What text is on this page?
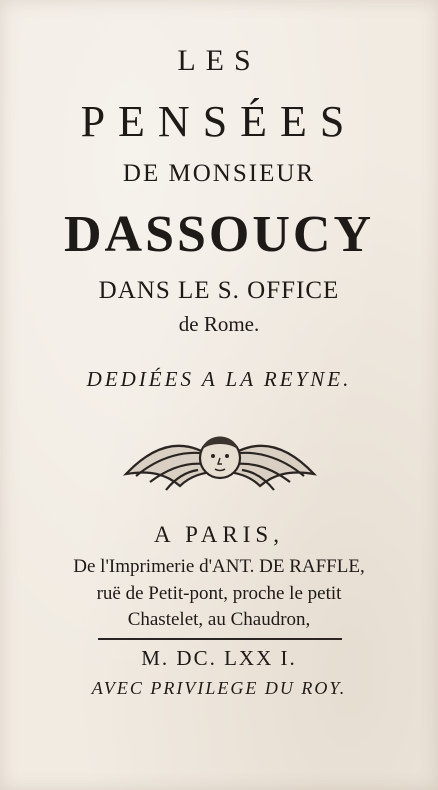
LES
PENSÉES
DE MONSIEUR
DASSOUCY
DANS LE S. OFFICE
de Rome.
DEDIÉES A LA REYNE.
A PARIS,
De l'Imprimerie d'ANT. DE RAFFLE,
ruë de Petit-pont, proche le petit
Chastelet, au Chaudron,
M. DC. LXX I.
AVEC PRIVILEGE DU ROY.
